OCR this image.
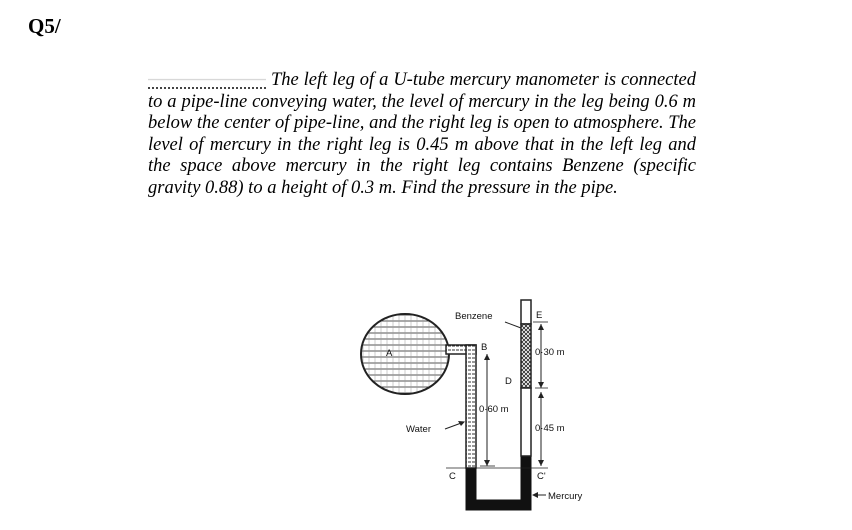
Q5/
The left leg of a U-tube mercury manometer is connected to a pipe-line conveying water, the level of mercury in the leg being 0.6 m below the center of pipe-line, and the right leg is open to atmosphere. The level of mercury in the right leg is 0.45 m above that in the left leg and the space above mercury in the right leg contains Benzene (specific gravity 0.88) to a height of 0.3 m. Find the pressure in the pipe.
A
Benzene	E
B
D
0·60 m
0·30 m
0·45 m
C	C'
Water
Mercury
